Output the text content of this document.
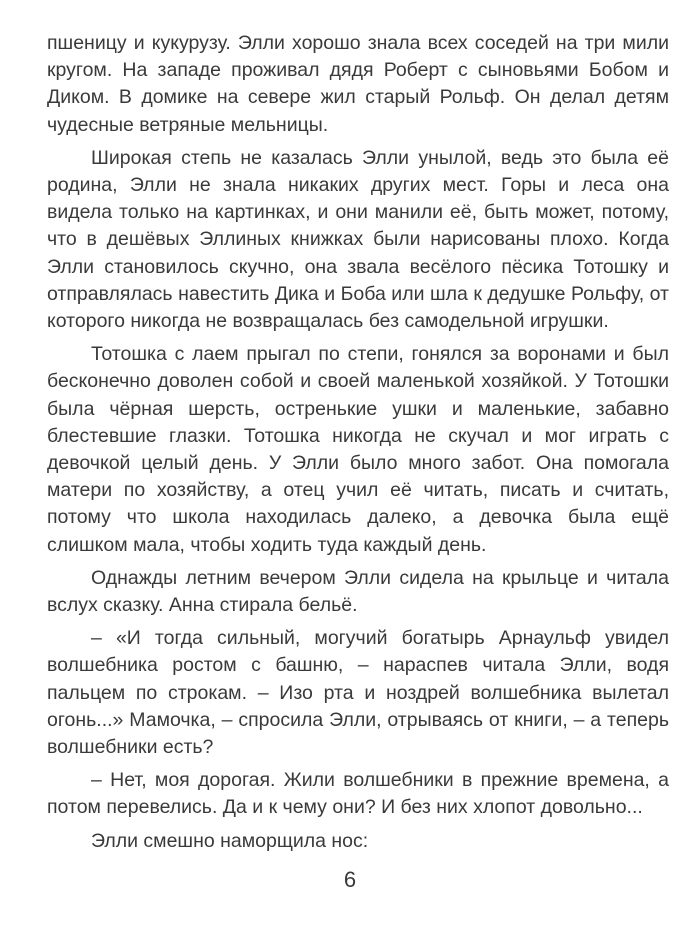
пшеницу и кукурузу. Элли хорошо знала всех соседей на три мили кругом. На западе проживал дядя Роберт с сыновьями Бобом и Диком. В домике на севере жил старый Рольф. Он делал детям чудесные ветряные мельницы.

Широкая степь не казалась Элли унылой, ведь это была её родина, Элли не знала никаких других мест. Горы и леса она видела только на картинках, и они манили её, быть может, потому, что в дешёвых Эллиных книжках были нарисованы плохо. Когда Элли становилось скучно, она звала весёлого пёсика Тотошку и отправлялась навестить Дика и Боба или шла к дедушке Рольфу, от которого никогда не возвращалась без самодельной игрушки.

Тотошка с лаем прыгал по степи, гонялся за воронами и был бесконечно доволен собой и своей маленькой хозяйкой. У Тотошки была чёрная шерсть, остренькие ушки и маленькие, забавно блестевшие глазки. Тотошка никогда не скучал и мог играть с девочкой целый день. У Элли было много забот. Она помогала матери по хозяйству, а отец учил её читать, писать и считать, потому что школа находилась далеко, а девочка была ещё слишком мала, чтобы ходить туда каждый день.

Однажды летним вечером Элли сидела на крыльце и читала вслух сказку. Анна стирала бельё.

– «И тогда сильный, могучий богатырь Арнаульф увидел волшебника ростом с башню, – нараспев читала Элли, водя пальцем по строкам. – Изо рта и ноздрей волшебника вылетал огонь...» Мамочка, – спросила Элли, отрываясь от книги, – а теперь волшебники есть?

– Нет, моя дорогая. Жили волшебники в прежние времена, а потом перевелись. Да и к чему они? И без них хлопот довольно...

Элли смешно наморщила нос:

6
